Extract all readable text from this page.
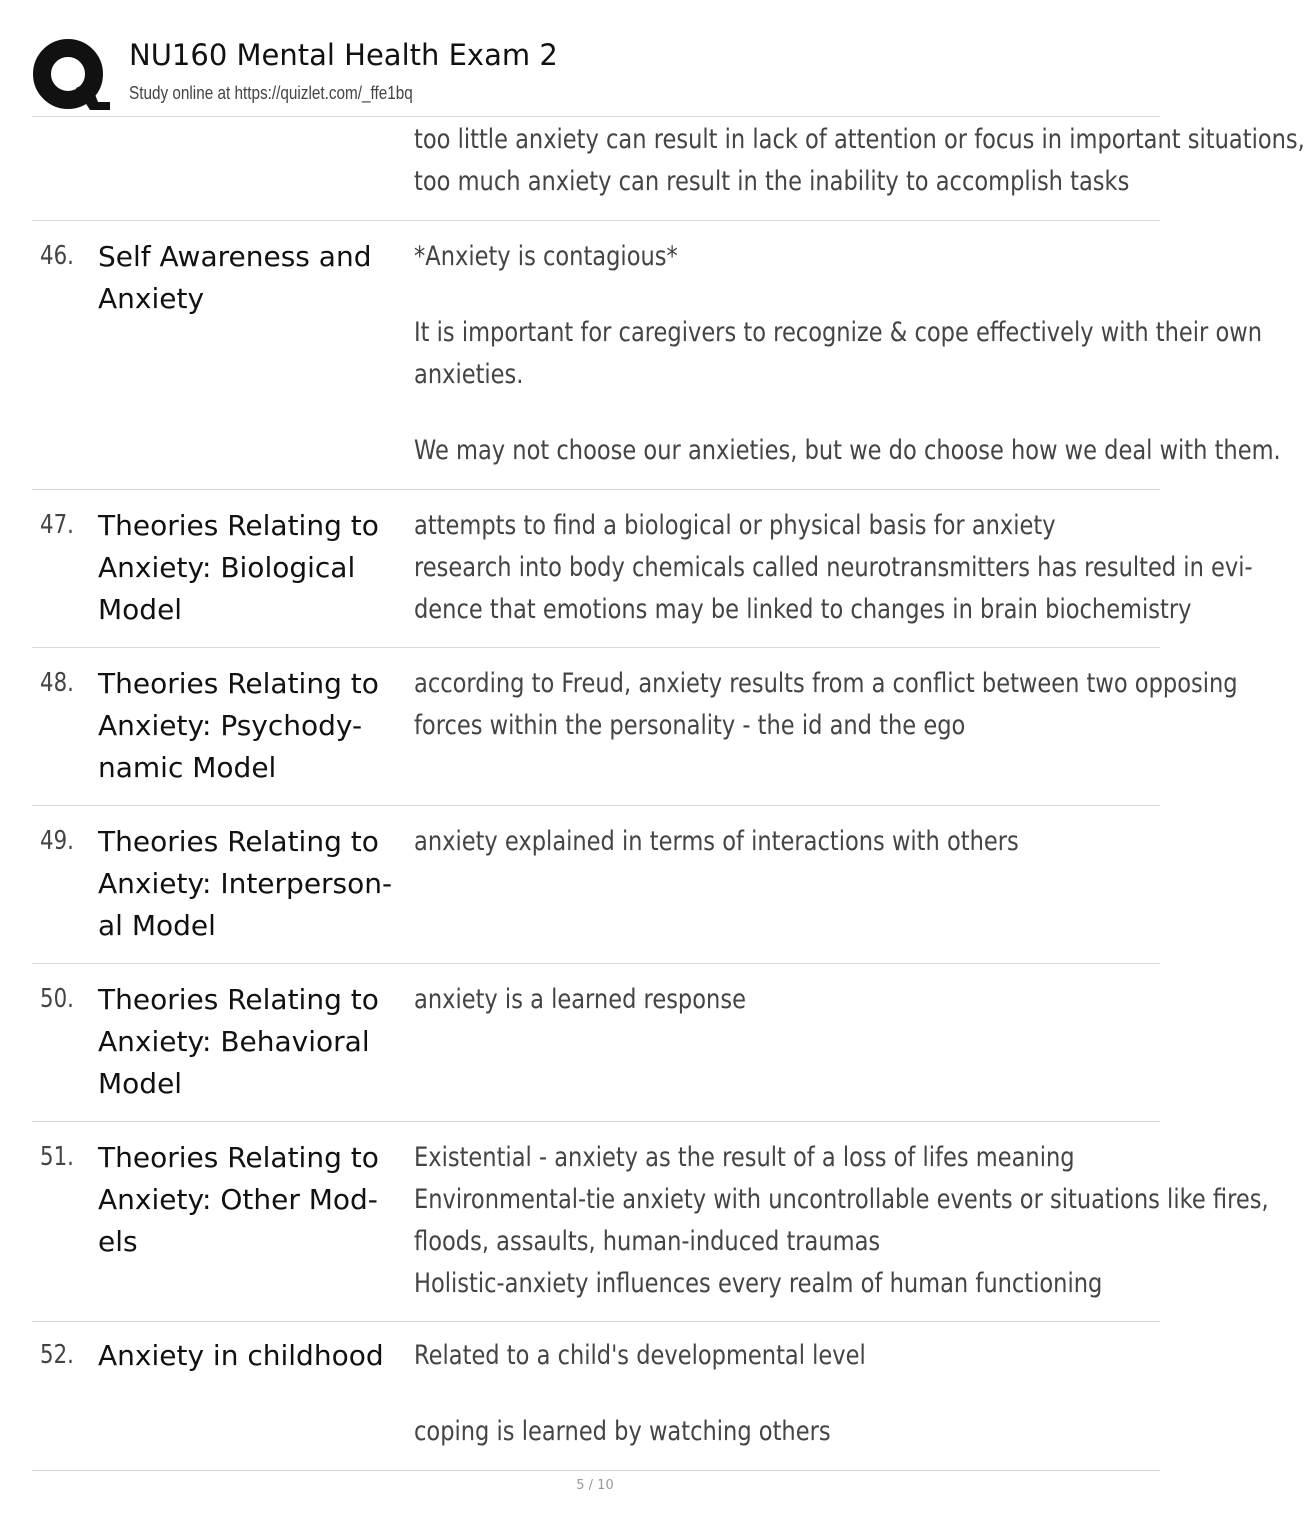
NU160 Mental Health Exam 2
Study online at https://quizlet.com/_ffe1bq

too little anxiety can result in lack of attention or focus in important situations,

too much anxiety can result in the inability to accomplish tasks

46. Self Awareness and Anxiety

*Anxiety is contagious*

It is important for caregivers to recognize & cope effectively with their own

anxieties.

We may not choose our anxieties, but we do choose how we deal with them.

47. Theories Relating to Anxiety: Biological Model

attempts to find a biological or physical basis for anxiety

research into body chemicals called neurotransmitters has resulted in evi-

dence that emotions may be linked to changes in brain biochemistry

48. Theories Relating to Anxiety: Psychody-namic Model

according to Freud, anxiety results from a conflict between two opposing

forces within the personality - the id and the ego

49. Theories Relating to Anxiety: Interperson-al Model

anxiety explained in terms of interactions with others

50. Theories Relating to Anxiety: Behavioral Model

anxiety is a learned response

51. Theories Relating to Anxiety: Other Mod-els

Existential - anxiety as the result of a loss of lifes meaning

Environmental-tie anxiety with uncontrollable events or situations like fires,

floods, assaults, human-induced traumas

Holistic-anxiety influences every realm of human functioning

52. Anxiety in childhood	Related to a child's developmental level

coping is learned by watching others

5 / 10
